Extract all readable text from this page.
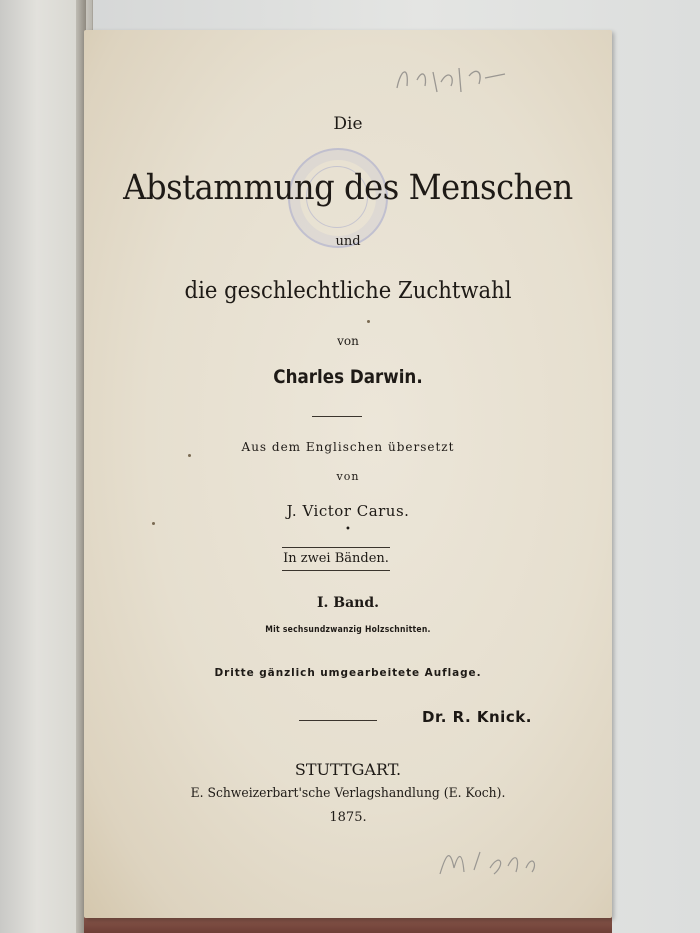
Die
Abstammung des Menschen
und
die geschlechtliche Zuchtwahl
von
Charles Darwin.
Aus dem Englischen übersetzt
von
J. Victor Carus.
•
In zwei Bänden.
I. Band.
Mit sechsundzwanzig Holzschnitten.
Dritte gänzlich umgearbeitete Auflage.
Dr. R. Knick.
STUTTGART.
E. Schweizerbart'sche Verlagshandlung (E. Koch).
1875.
